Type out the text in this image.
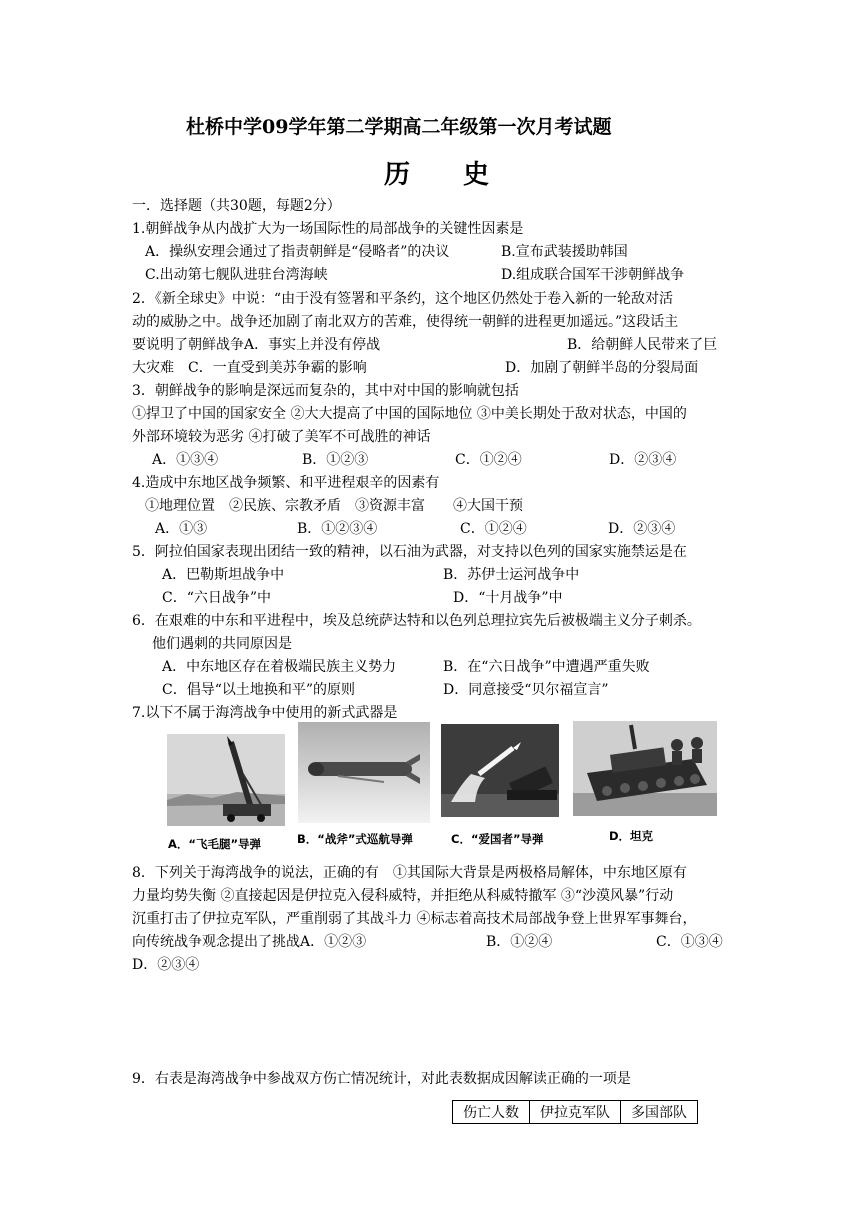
杜桥中学09学年第二学期高二年级第一次月考试题
历 史
一．选择题（共30题，每题2分）
1.朝鲜战争从内战扩大为一场国际性的局部战争的关键性因素是
A．操纵安理会通过了指责朝鲜是“侵略者”的决议	B.宣布武装援助韩国
C.出动第七舰队进驻台湾海峡	D.组成联合国军干涉朝鲜战争
2．《新全球史》中说：“由于没有签署和平条约，这个地区仍然处于卷入新的一轮敌对活
动的威胁之中。战争还加剧了南北双方的苦难，使得统一朝鲜的进程更加遥远。”这段话主
要说明了朝鲜战争A．事实上并没有停战	B．给朝鲜人民带来了巨
大灾难　C．一直受到美苏争霸的影响	D．加剧了朝鲜半岛的分裂局面
3．朝鲜战争的影响是深远而复杂的，其中对中国的影响就包括
①捍卫了中国的国家安全 ②大大提高了中国的国际地位 ③中美长期处于敌对状态，中国的
外部环境较为恶劣 ④打破了美军不可战胜的神话
A．①③④	B．①②③	C．①②④	D．②③④
4.造成中东地区战争频繁、和平进程艰辛的因素有
①地理位置　②民族、宗教矛盾　③资源丰富　　④大国干预
A．①③	B．①②③④	C．①②④	D．②③④
5．阿拉伯国家表现出团结一致的精神，以石油为武器，对支持以色列的国家实施禁运是在
A．巴勒斯坦战争中	B．苏伊士运河战争中
C．“六日战争”中	D．“十月战争”中
6．在艰难的中东和平进程中，埃及总统萨达特和以色列总理拉宾先后被极端主义分子刺杀。
他们遇刺的共同原因是
A．中东地区存在着极端民族主义势力	B．在“六日战争”中遭遇严重失败
C．倡导“以土地换和平”的原则	D．同意接受“贝尔福宣言”
7.以下不属于海湾战争中使用的新式武器是
A．“飞毛腿”导弹	B．“战斧”式巡航导弹	C．“爱国者”导弹	D．坦克
8．下列关于海湾战争的说法，正确的有　①其国际大背景是两极格局解体，中东地区原有
力量均势失衡 ②直接起因是伊拉克入侵科威特，并拒绝从科威特撤军 ③“沙漠风暴”行动
沉重打击了伊拉克军队，严重削弱了其战斗力 ④标志着高技术局部战争登上世界军事舞台，
向传统战争观念提出了挑战A．①②③	B．①②④	C．①③④
D．②③④
9．右表是海湾战争中参战双方伤亡情况统计，对此表数据成因解读正确的一项是
伤亡人数	伊拉克军队	多国部队
